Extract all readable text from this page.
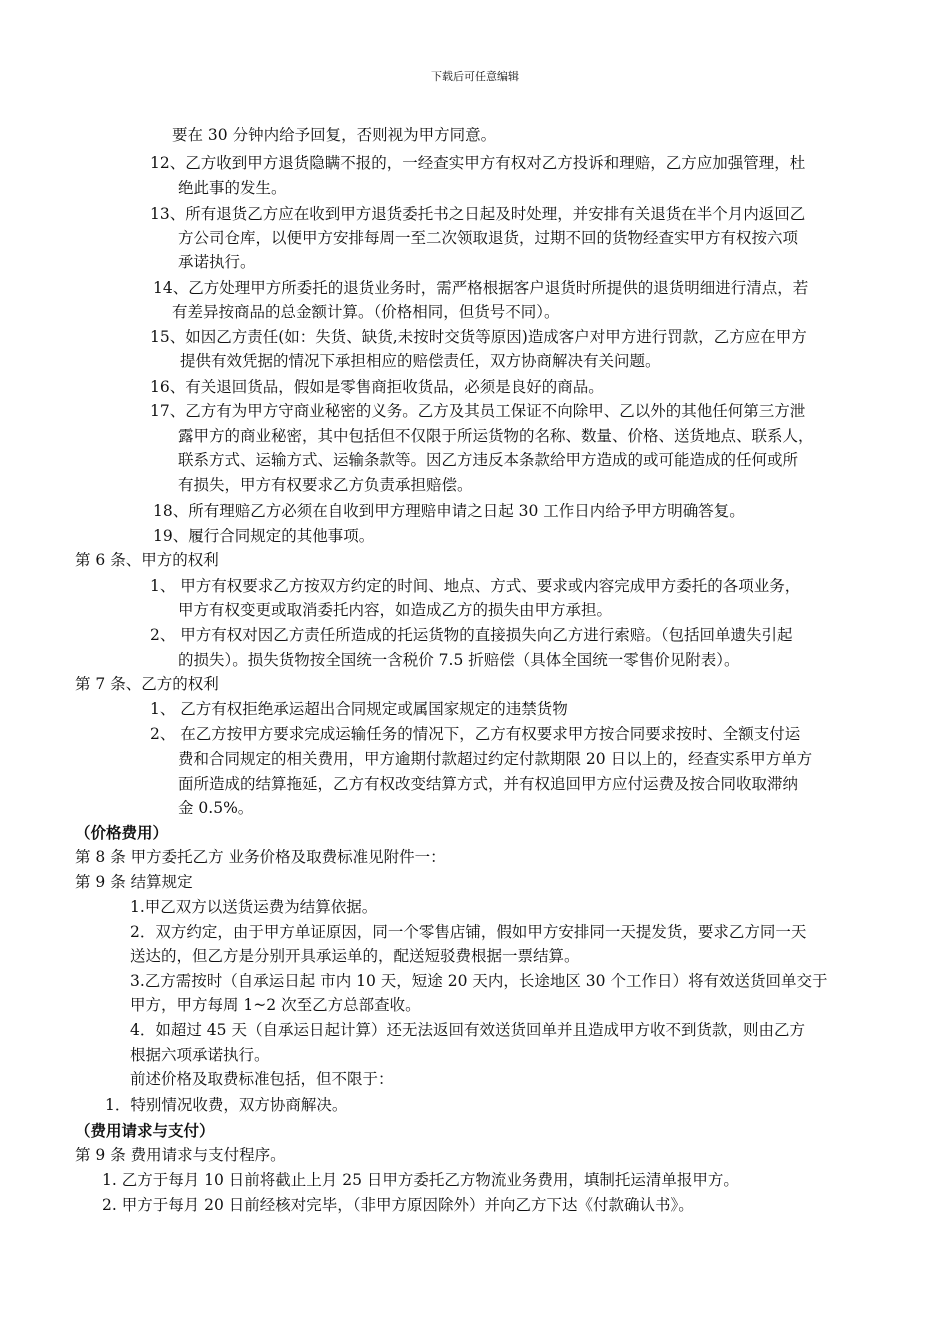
下载后可任意编辑
要在 30 分钟内给予回复，否则视为甲方同意。
12、乙方收到甲方退货隐瞒不报的，一经查实甲方有权对乙方投诉和理赔，乙方应加强管理，杜
绝此事的发生。
13、所有退货乙方应在收到甲方退货委托书之日起及时处理，并安排有关退货在半个月内返回乙
方公司仓库，以便甲方安排每周一至二次领取退货，过期不回的货物经查实甲方有权按六项
承诺执行。
14、乙方处理甲方所委托的退货业务时，需严格根据客户退货时所提供的退货明细进行清点，若
有差异按商品的总金额计算。（价格相同，但货号不同）。
15、如因乙方责任(如：失货、缺货,未按时交货等原因)造成客户对甲方进行罚款，乙方应在甲方
提供有效凭据的情况下承担相应的赔偿责任，双方协商解决有关问题。
16、有关退回货品，假如是零售商拒收货品，必须是良好的商品。
17、乙方有为甲方守商业秘密的义务。乙方及其员工保证不向除甲、乙以外的其他任何第三方泄
露甲方的商业秘密，其中包括但不仅限于所运货物的名称、数量、价格、送货地点、联系人，
联系方式、运输方式、运输条款等。因乙方违反本条款给甲方造成的或可能造成的任何或所
有损失，甲方有权要求乙方负责承担赔偿。
18、所有理赔乙方必须在自收到甲方理赔申请之日起 30 工作日内给予甲方明确答复。
19、履行合同规定的其他事项。
第 6 条、甲方的权利
1、 甲方有权要求乙方按双方约定的时间、地点、方式、要求或内容完成甲方委托的各项业务，
甲方有权变更或取消委托内容，如造成乙方的损失由甲方承担。
2、 甲方有权对因乙方责任所造成的托运货物的直接损失向乙方进行索赔。（包括回单遗失引起
的损失）。损失货物按全国统一含税价 7.5 折赔偿（具体全国统一零售价见附表）。
第 7 条、乙方的权利
1、 乙方有权拒绝承运超出合同规定或属国家规定的违禁货物
2、 在乙方按甲方要求完成运输任务的情况下，乙方有权要求甲方按合同要求按时、全额支付运
费和合同规定的相关费用，甲方逾期付款超过约定付款期限 20 日以上的，经查实系甲方单方
面所造成的结算拖延，乙方有权改变结算方式，并有权追回甲方应付运费及按合同收取滞纳
金 0.5%。
（价格费用）
第 8 条 甲方委托乙方 业务价格及取费标准见附件一：
第 9 条 结算规定
1.甲乙双方以送货运费为结算依据。
2．双方约定，由于甲方单证原因，同一个零售店铺，假如甲方安排同一天提发货，要求乙方同一天
送达的，但乙方是分别开具承运单的，配送短驳费根据一票结算。
3.乙方需按时（自承运日起 市内 10 天，短途 20 天内，长途地区 30 个工作日）将有效送货回单交于
甲方，甲方每周 1~2 次至乙方总部查收。
4．如超过 45 天（自承运日起计算）还无法返回有效送货回单并且造成甲方收不到货款，则由乙方
根据六项承诺执行。
前述价格及取费标准包括，但不限于：
1．特别情况收费，双方协商解决。
（费用请求与支付）
第 9 条 费用请求与支付程序。
1. 乙方于每月 10 日前将截止上月 25 日甲方委托乙方物流业务费用，填制托运清单报甲方。
2. 甲方于每月 20 日前经核对完毕，（非甲方原因除外）并向乙方下达《付款确认书》。
